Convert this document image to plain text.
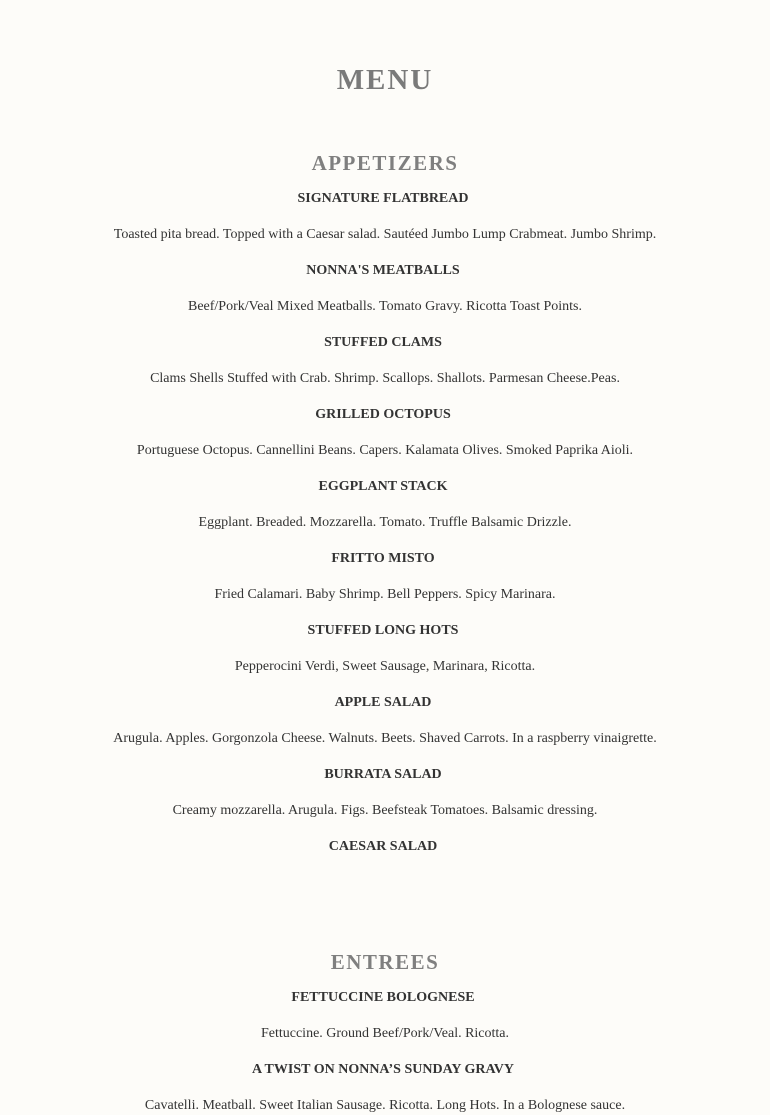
MENU
APPETIZERS
SIGNATURE FLATBREAD
Toasted pita bread. Topped with a Caesar salad. Sautéed Jumbo Lump Crabmeat. Jumbo Shrimp.
NONNA'S MEATBALLS
Beef/Pork/Veal Mixed Meatballs. Tomato Gravy. Ricotta Toast Points.
STUFFED CLAMS
Clams Shells Stuffed with Crab. Shrimp. Scallops. Shallots. Parmesan Cheese.Peas.
GRILLED OCTOPUS
Portuguese Octopus. Cannellini Beans. Capers. Kalamata Olives. Smoked Paprika Aioli.
EGGPLANT STACK
Eggplant. Breaded. Mozzarella. Tomato. Truffle Balsamic Drizzle.
FRITTO MISTO
Fried Calamari. Baby Shrimp. Bell Peppers. Spicy Marinara.
STUFFED LONG HOTS
Pepperocini Verdi, Sweet Sausage, Marinara, Ricotta.
APPLE SALAD
Arugula. Apples. Gorgonzola Cheese. Walnuts. Beets. Shaved Carrots. In a raspberry vinaigrette.
BURRATA SALAD
Creamy mozzarella. Arugula. Figs. Beefsteak Tomatoes. Balsamic dressing.
CAESAR SALAD
ENTREES
FETTUCCINE BOLOGNESE
Fettuccine. Ground Beef/Pork/Veal. Ricotta.
A TWIST ON NONNA’S SUNDAY GRAVY
Cavatelli. Meatball. Sweet Italian Sausage. Ricotta. Long Hots. In a Bolognese sauce.
